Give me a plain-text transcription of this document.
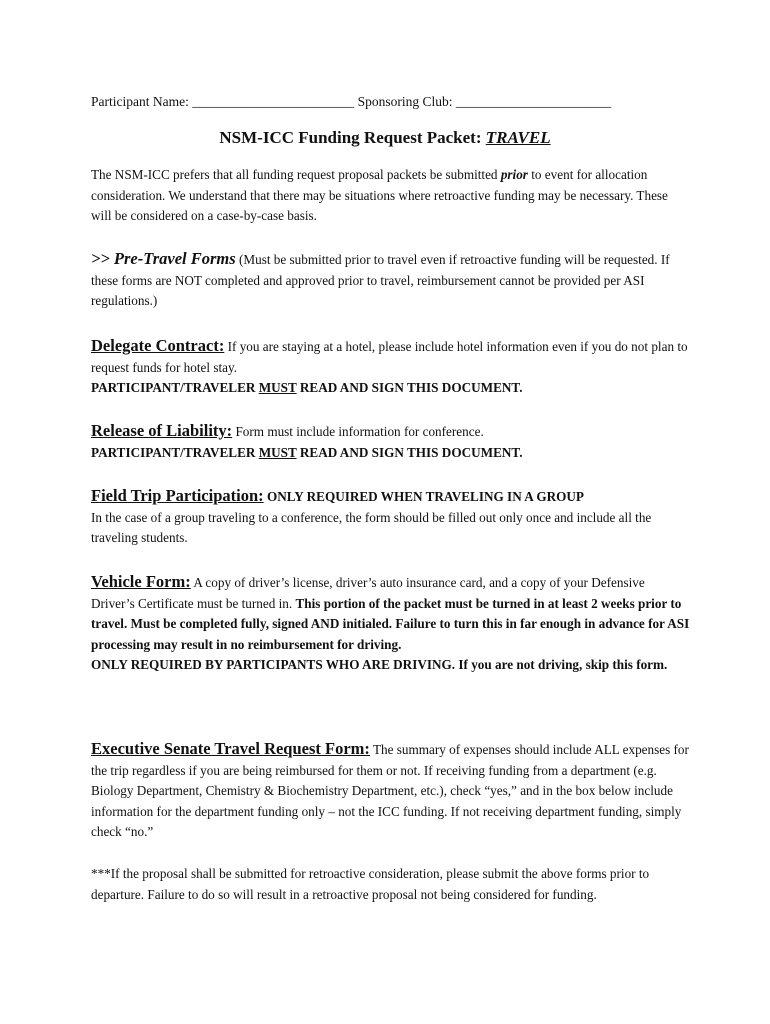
Participant Name: ________________________ Sponsoring Club: _______________________
NSM-ICC Funding Request Packet: TRAVEL

The NSM-ICC prefers that all funding request proposal packets be submitted prior to event for allocation consideration. We understand that there may be situations where retroactive funding may be necessary. These will be considered on a case-by-case basis.

>> Pre-Travel Forms (Must be submitted prior to travel even if retroactive funding will be requested. If these forms are NOT completed and approved prior to travel, reimbursement cannot be provided per ASI regulations.)

Delegate Contract: If you are staying at a hotel, please include hotel information even if you do not plan to request funds for hotel stay.

PARTICIPANT/TRAVELER MUST READ AND SIGN THIS DOCUMENT.

Release of Liability: Form must include information for conference.

PARTICIPANT/TRAVELER MUST READ AND SIGN THIS DOCUMENT.

Field Trip Participation: ONLY REQUIRED WHEN TRAVELING IN A GROUP

In the case of a group traveling to a conference, the form should be filled out only once and include all the traveling students.

Vehicle Form: A copy of driver’s license, driver’s auto insurance card, and a copy of your Defensive Driver’s Certificate must be turned in. This portion of the packet must be turned in at least 2 weeks prior to travel. Must be completed fully, signed AND initialed. Failure to turn this in far enough in advance for ASI processing may result in no reimbursement for driving.

ONLY REQUIRED BY PARTICIPANTS WHO ARE DRIVING. If you are not driving, skip this form.

Executive Senate Travel Request Form: The summary of expenses should include ALL expenses for the trip regardless if you are being reimbursed for them or not. If receiving funding from a department (e.g. Biology Department, Chemistry & Biochemistry Department, etc.), check “yes,” and in the box below include information for the department funding only – not the ICC funding. If not receiving department funding, simply check “no.”

***If the proposal shall be submitted for retroactive consideration, please submit the above forms prior to departure. Failure to do so will result in a retroactive proposal not being considered for funding.
